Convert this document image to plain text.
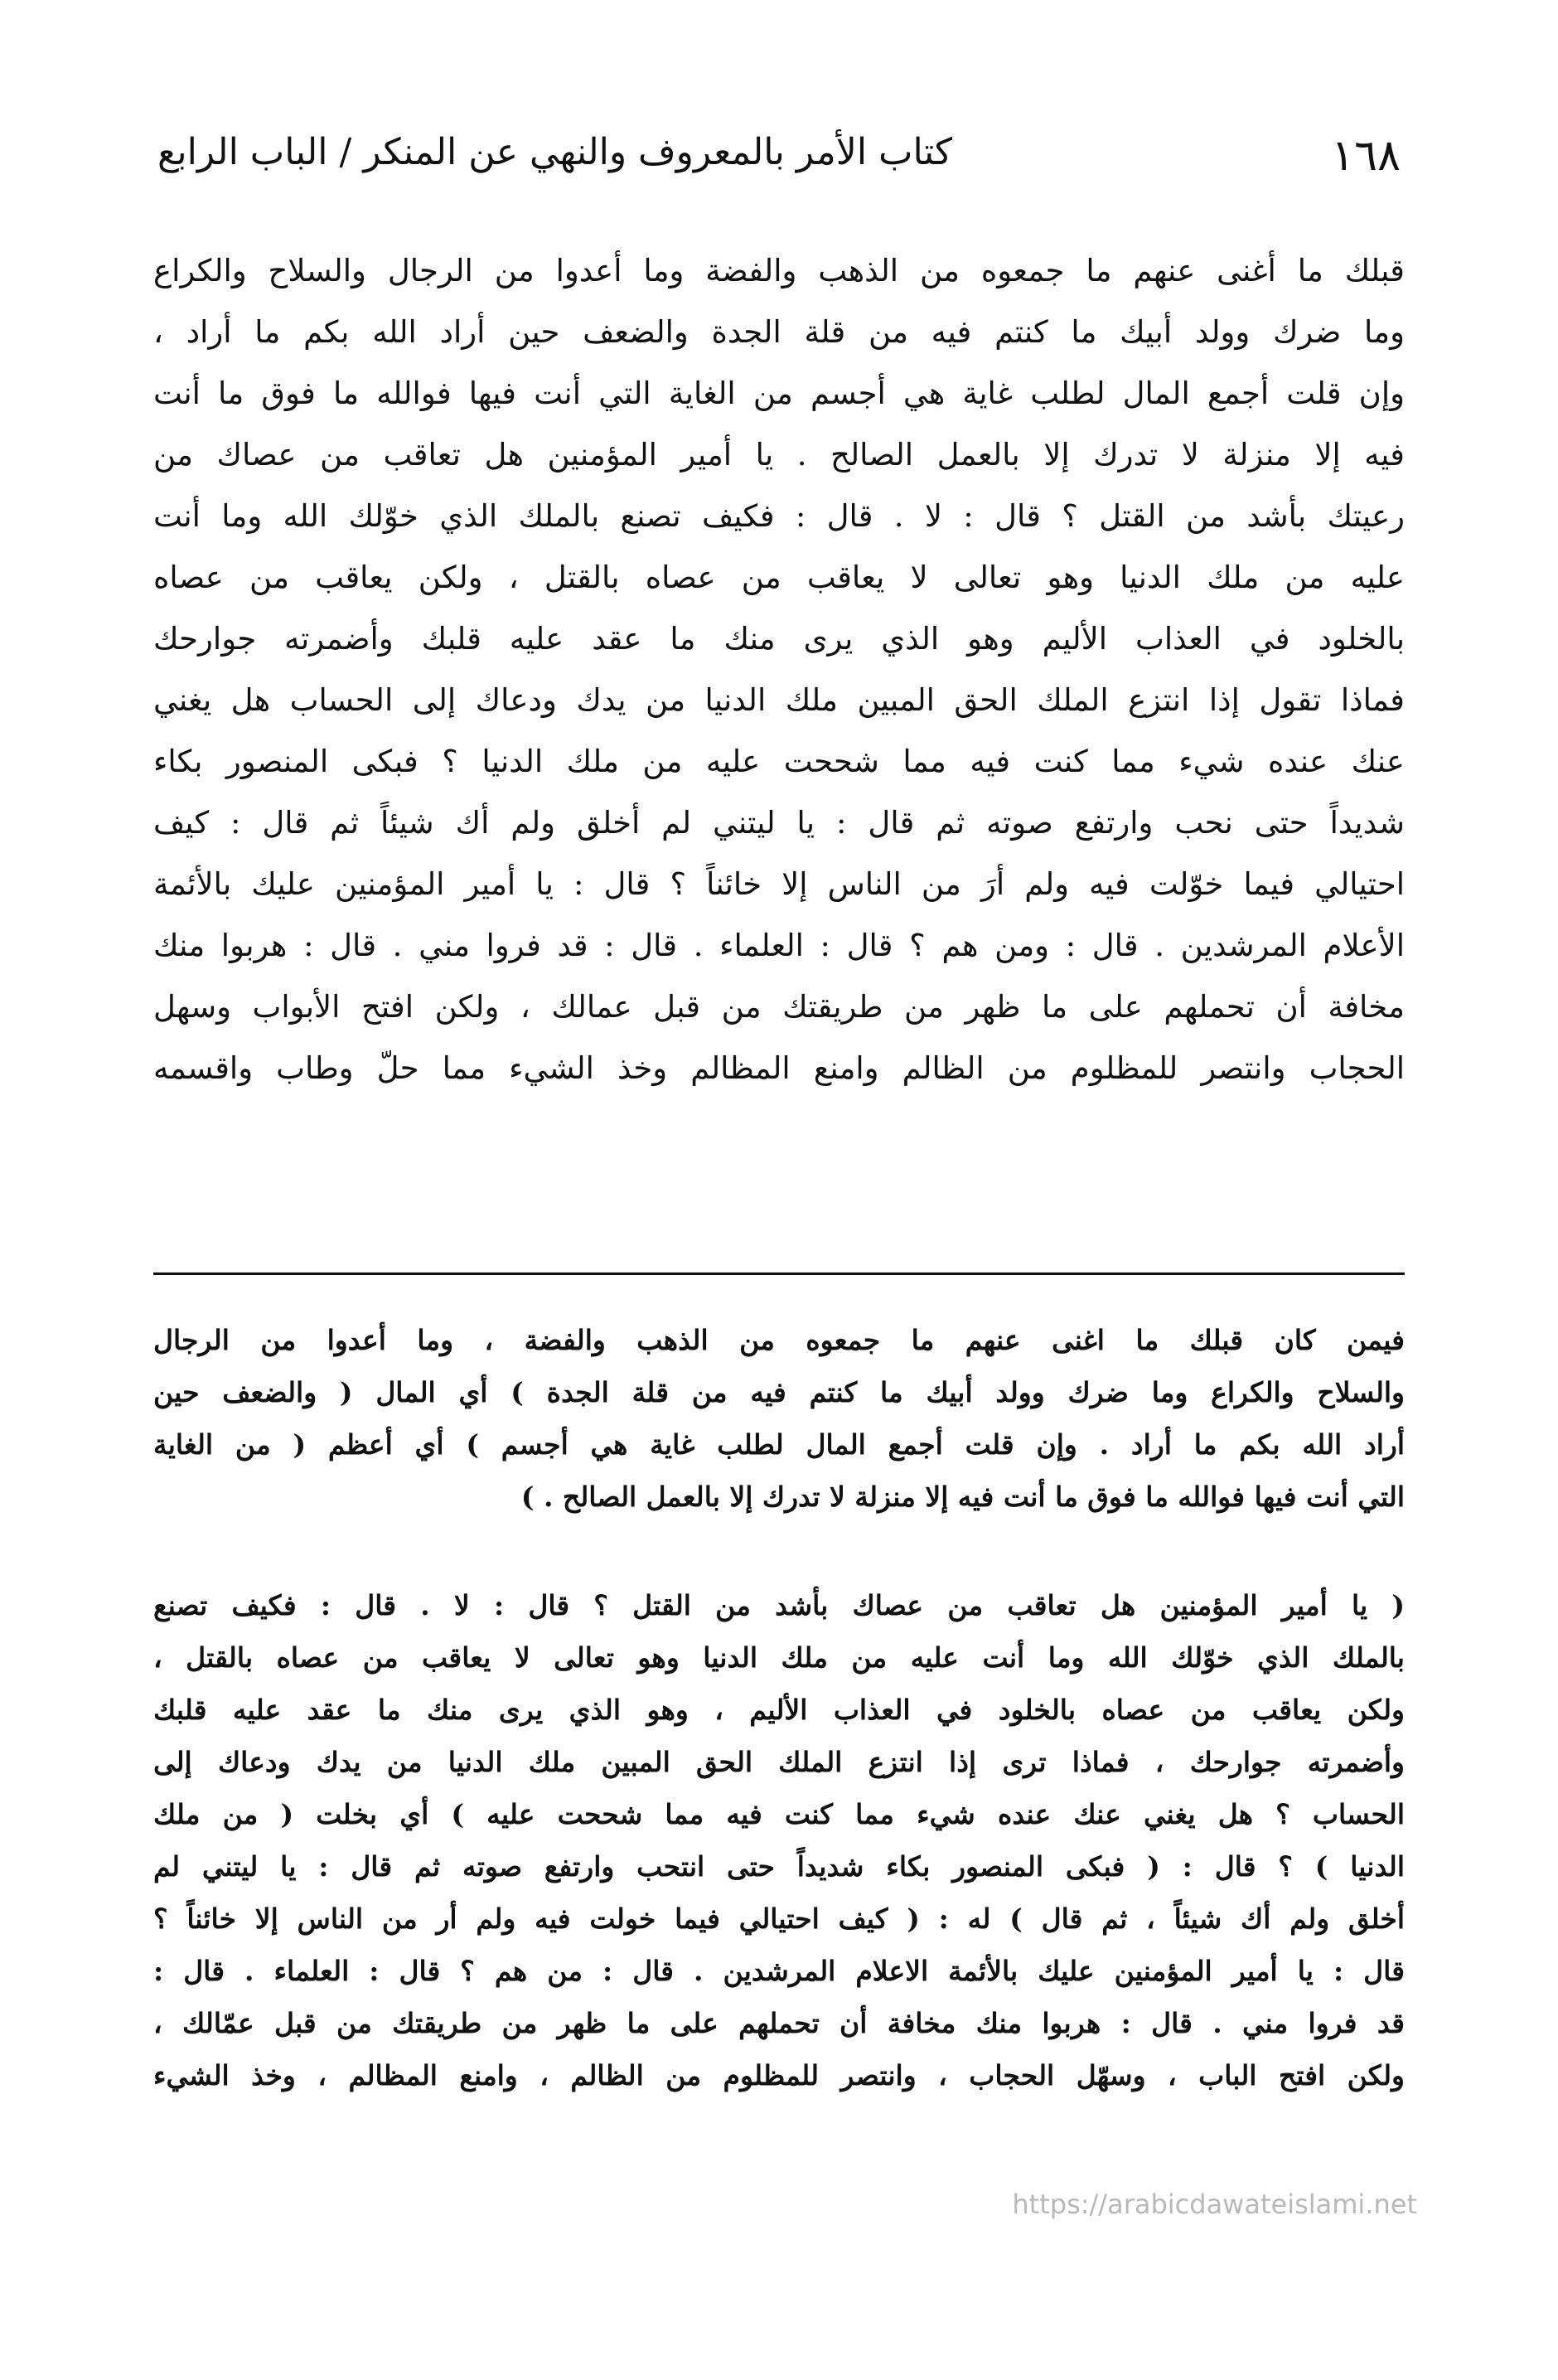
١٦٨
كتاب الأمر بالمعروف والنهي عن المنكر / الباب الرابع
قبلك ما أغنى عنهم ما جمعوه من الذهب والفضة وما أعدوا من الرجال والسلاح والكراع
وما ضرك وولد أبيك ما كنتم فيه من قلة الجدة والضعف حين أراد الله بكم ما أراد ،
وإن قلت أجمع المال لطلب غاية هي أجسم من الغاية التي أنت فيها فوالله ما فوق ما أنت
فيه إلا منزلة لا تدرك إلا بالعمل الصالح . يا أمير المؤمنين هل تعاقب من عصاك من
رعيتك بأشد من القتل ؟ قال : لا . قال : فكيف تصنع بالملك الذي خوّلك الله وما أنت
عليه من ملك الدنيا وهو تعالى لا يعاقب من عصاه بالقتل ، ولكن يعاقب من عصاه
بالخلود في العذاب الأليم وهو الذي يرى منك ما عقد عليه قلبك وأضمرته جوارحك
فماذا تقول إذا انتزع الملك الحق المبين ملك الدنيا من يدك ودعاك إلى الحساب هل يغني
عنك عنده شيء مما كنت فيه مما شححت عليه من ملك الدنيا ؟ فبكى المنصور بكاء
شديداً حتى نحب وارتفع صوته ثم قال : يا ليتني لم أخلق ولم أك شيئاً ثم قال : كيف
احتيالي فيما خوّلت فيه ولم أرَ من الناس إلا خائناً ؟ قال : يا أمير المؤمنين عليك بالأئمة
الأعلام المرشدين . قال : ومن هم ؟ قال : العلماء . قال : قد فروا مني . قال : هربوا منك
مخافة أن تحملهم على ما ظهر من طريقتك من قبل عمالك ، ولكن افتح الأبواب وسهل
الحجاب وانتصر للمظلوم من الظالم وامنع المظالم وخذ الشيء مما حلّ وطاب واقسمه
فيمن كان قبلك ما اغنى عنهم ما جمعوه من الذهب والفضة ، وما أعدوا من الرجال
والسلاح والكراع وما ضرك وولد أبيك ما كنتم فيه من قلة الجدة ) أي المال ( والضعف حين
أراد الله بكم ما أراد . وإن قلت أجمع المال لطلب غاية هي أجسم ) أي أعظم ( من الغاية
التي أنت فيها فوالله ما فوق ما أنت فيه إلا منزلة لا تدرك إلا بالعمل الصالح . )
( يا أمير المؤمنين هل تعاقب من عصاك بأشد من القتل ؟ قال : لا . قال : فكيف تصنع
بالملك الذي خوّلك الله وما أنت عليه من ملك الدنيا وهو تعالى لا يعاقب من عصاه بالقتل ،
ولكن يعاقب من عصاه بالخلود في العذاب الأليم ، وهو الذي يرى منك ما عقد عليه قلبك
وأضمرته جوارحك ، فماذا ترى إذا انتزع الملك الحق المبين ملك الدنيا من يدك ودعاك إلى
الحساب ؟ هل يغني عنك عنده شيء مما كنت فيه مما شححت عليه ) أي بخلت ( من ملك
الدنيا ) ؟ قال : ( فبكى المنصور بكاء شديداً حتى انتحب وارتفع صوته ثم قال : يا ليتني لم
أخلق ولم أك شيئاً ، ثم قال ) له : ( كيف احتيالي فيما خولت فيه ولم أر من الناس إلا خائناً ؟
قال : يا أمير المؤمنين عليك بالأئمة الاعلام المرشدين . قال : من هم ؟ قال : العلماء . قال :
قد فروا مني . قال : هربوا منك مخافة أن تحملهم على ما ظهر من طريقتك من قبل عمّالك ،
ولكن افتح الباب ، وسهّل الحجاب ، وانتصر للمظلوم من الظالم ، وامنع المظالم ، وخذ الشيء
https://arabicdawateislami.net
